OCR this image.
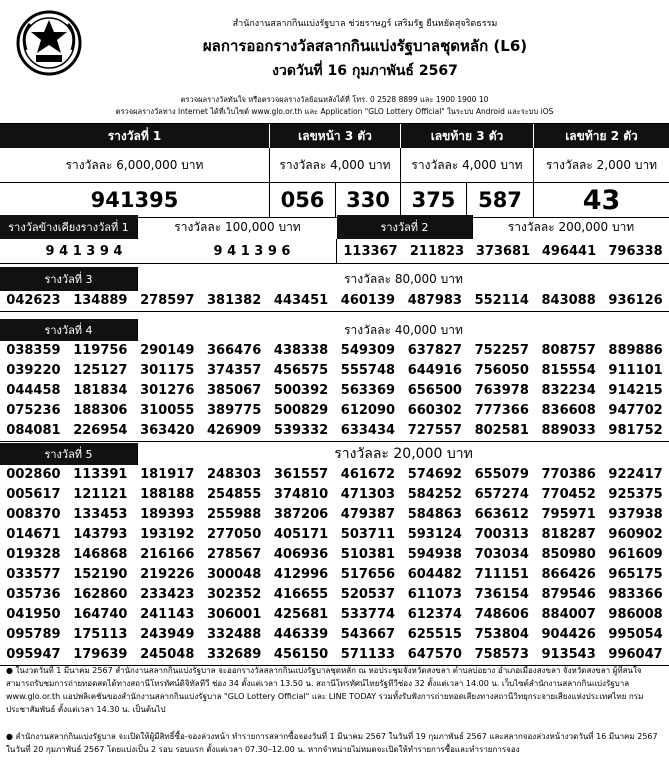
สำนักงานสลากกินแบ่งรัฐบาล ช่วยราษฎร์ เสริมรัฐ ยืนหยัดสุจริตธรรม
ผลการออกรางวัลสลากกินแบ่งรัฐบาลชุดหลัก (L6)
งวดวันที่ 16 กุมภาพันธ์ 2567
ตรวจผลรางวัลทันใจ หรือตรวจผลรางวัลย้อนหลังได้ที่ โทร. 0 2528 8899 และ 1900 1900 10
ตรวจผลรางวัลทาง Internet ได้ที่เว็บไซต์ www.glo.or.th และ Application "GLO Lottery Official" ในระบบ Android และระบบ iOS
รางวัลที่ 1	เลขหน้า 3 ตัว	เลขท้าย 3 ตัว	เลขท้าย 2 ตัว
รางวัลละ 6,000,000 บาท	รางวัลละ 4,000 บาท	รางวัลละ 4,000 บาท	รางวัลละ 2,000 บาท
941395	056	330	375	587	43
รางวัลข้างเคียงรางวัลที่ 1	รางวัลละ 100,000 บาท	รางวัลที่ 2	รางวัลละ 200,000 บาท
9 4 1 3 9 4	9 4 1 3 9 6	113367 211823 373681 496441 796338
รางวัลที่ 3	รางวัลละ 80,000 บาท
042623 134889 278597 381382 443451 460139 487983 552114 843088 936126
รางวัลที่ 4	รางวัลละ 40,000 บาท
038359 119756 290149 366476 438338 549309 637827 752257 808757 889886
039220 125127 301175 374357 456575 555748 644916 756050 815554 911101
044458 181834 301276 385067 500392 563369 656500 763978 832234 914215
075236 188306 310055 389775 500829 612090 660302 777366 836608 947702
084081 226954 363420 426909 539332 633434 727557 802581 889033 981752
รางวัลที่ 5	รางวัลละ 20,000 บาท
002860 113391 181917 248303 361557 461672 574692 655079 770386 922417
005617 121121 188188 254855 374810 471303 584252 657274 770452 925375
008370 133453 189393 255988 387206 479387 584863 663612 795971 937938
014671 143793 193192 277050 405171 503711 593124 700313 818287 960902
019328 146868 216166 278567 406936 510381 594938 703034 850980 961609
033577 152190 219226 300048 412996 517656 604482 711151 866426 965175
035736 162860 233423 302352 416655 520537 611073 736154 879546 983366
041950 164740 241143 306001 425681 533774 612374 748606 884007 986008
095789 175113 243949 332488 446339 543667 625515 753804 904426 995054
095947 179639 245048 332689 456150 571133 647570 758573 913543 996047
● ในงวดวันที่ 1 มีนาคม 2567 สำนักงานสลากกินแบ่งรัฐบาล จะออกรางวัลสลากกินแบ่งรัฐบาลชุดหลัก ณ หอประชุมจังหวัดสงขลา ตำบลบ่อยาง อำเภอเมืองสงขลา จังหวัดสงขลา ผู้ที่สนใจสามารถรับชมการถ่ายทอดสดได้ทางสถานีโทรทัศน์ดิจิทัลทีวี ช่อง 34 ตั้งแต่เวลา 13.50 น. สถานีโทรทัศน์ไทยรัฐทีวีช่อง 32 ตั้งแต่เวลา 14.00 น. เว็บไซต์สำนักงานสลากกินแบ่งรัฐบาล www.glo.or.th แอปพลิเคชันของสำนักงานสลากกินแบ่งรัฐบาล "GLO Lottery Official" และ LINE TODAY รวมทั้งรับฟังการถ่ายทอดเสียงทางสถานีวิทยุกระจายเสียงแห่งประเทศไทย กรมประชาสัมพันธ์ ตั้งแต่เวลา 14.30 น. เป็นต้นไป
● สำนักงานสลากกินแบ่งรัฐบาล จะเปิดให้ผู้มีสิทธิ์ซื้อ-จองล่วงหน้า ทำรายการสลากซื้อจองวันที่ 1 มีนาคม 2567 ในวันที่ 19 กุมภาพันธ์ 2567 และสลากจองล่วงหน้างวดวันที่ 16 มีนาคม 2567 ในวันที่ 20 กุมภาพันธ์ 2567 โดยแบ่งเป็น 2 รอบ รอบแรก ตั้งแต่เวลา 07.30–12.00 น. หากจำหน่ายไม่หมดจะเปิดให้ทำรายการซื้อและทำรายการจอง
